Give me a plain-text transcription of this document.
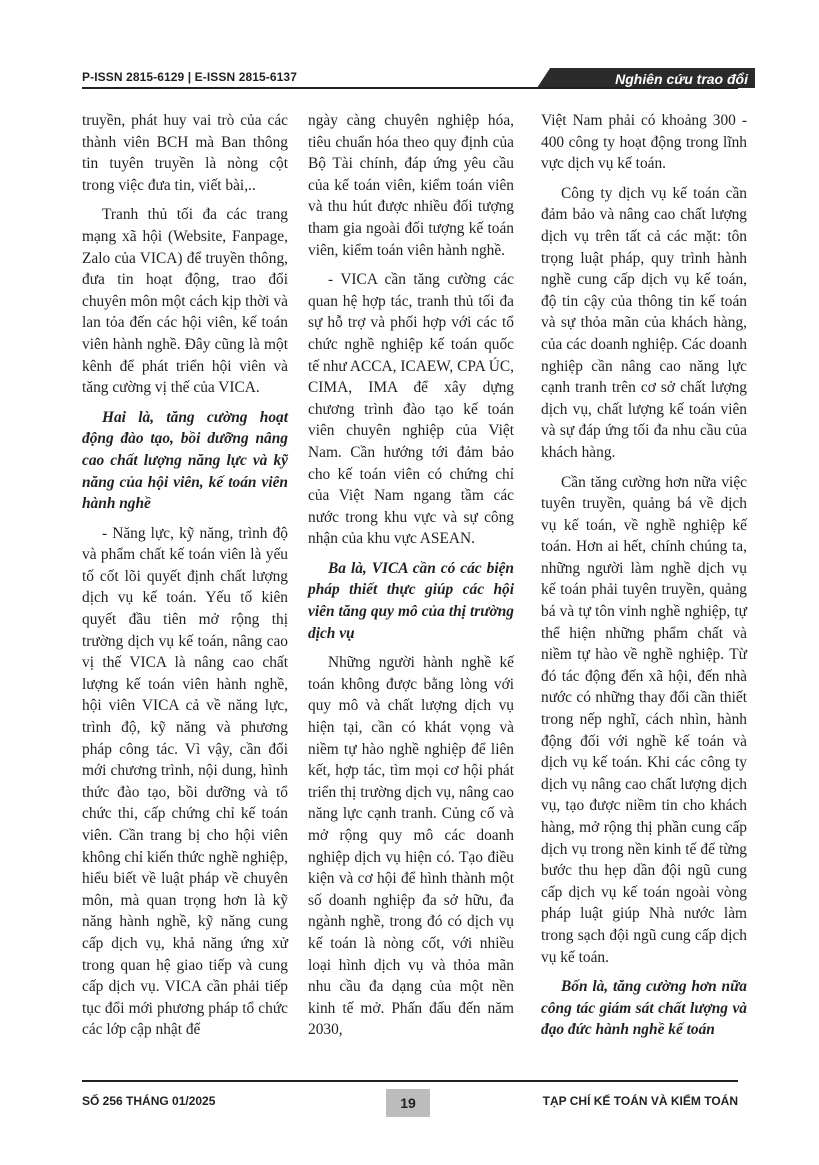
P-ISSN 2815-6129 | E-ISSN 2815-6137	Nghiên cứu trao đổi

truyền, phát huy vai trò của các thành viên BCH mà Ban thông tin tuyên truyền là nòng cột trong việc đưa tin, viết bài,..

Tranh thủ tối đa các trang mạng xã hội (Website, Fanpage, Zalo của VICA) để truyền thông, đưa tin hoạt động, trao đổi chuyên môn một cách kịp thời và lan tỏa đến các hội viên, kế toán viên hành nghề. Đây cũng là một kênh để phát triển hội viên và tăng cường vị thế của VICA.

Hai là, tăng cường hoạt động đào tạo, bồi dưỡng nâng cao chất lượng năng lực và kỹ năng của hội viên, kế toán viên hành nghề

- Năng lực, kỹ năng, trình độ và phẩm chất kế toán viên là yếu tố cốt lõi quyết định chất lượng dịch vụ kế toán. Yếu tố kiên quyết đầu tiên mở rộng thị trường dịch vụ kế toán, nâng cao vị thế VICA là nâng cao chất lượng kế toán viên hành nghề, hội viên VICA cả về năng lực, trình độ, kỹ năng và phương pháp công tác. Vì vậy, cần đổi mới chương trình, nội dung, hình thức đào tạo, bồi dưỡng và tổ chức thi, cấp chứng chỉ kế toán viên. Cần trang bị cho hội viên không chỉ kiến thức nghề nghiệp, hiểu biết về luật pháp về chuyên môn, mà quan trọng hơn là kỹ năng hành nghề, kỹ năng cung cấp dịch vụ, khả năng ứng xử trong quan hệ giao tiếp và cung cấp dịch vụ. VICA cần phải tiếp tục đổi mới phương pháp tổ chức các lớp cập nhật để

ngày càng chuyên nghiệp hóa, tiêu chuẩn hóa theo quy định của Bộ Tài chính, đáp ứng yêu cầu của kế toán viên, kiểm toán viên và thu hút được nhiều đối tượng tham gia ngoài đối tượng kế toán viên, kiểm toán viên hành nghề.

- VICA cần tăng cường các quan hệ hợp tác, tranh thủ tối đa sự hỗ trợ và phối hợp với các tổ chức nghề nghiệp kế toán quốc tế như ACCA, ICAEW, CPA ÚC, CIMA, IMA để xây dựng chương trình đào tạo kế toán viên chuyên nghiệp của Việt Nam. Cần hướng tới đảm bảo cho kế toán viên có chứng chỉ của Việt Nam ngang tầm các nước trong khu vực và sự công nhận của khu vực ASEAN.

Ba là, VICA cần có các biện pháp thiết thực giúp các hội viên tăng quy mô của thị trường dịch vụ

Những người hành nghề kế toán không được bằng lòng với quy mô và chất lượng dịch vụ hiện tại, cần có khát vọng và niềm tự hào nghề nghiệp để liên kết, hợp tác, tìm mọi cơ hội phát triển thị trường dịch vụ, nâng cao năng lực cạnh tranh. Củng cố và mở rộng quy mô các doanh nghiệp dịch vụ hiện có. Tạo điều kiện và cơ hội để hình thành một số doanh nghiệp đa sở hữu, đa ngành nghề, trong đó có dịch vụ kế toán là nòng cốt, với nhiều loại hình dịch vụ và thỏa mãn nhu cầu đa dạng của một nền kinh tế mở. Phấn đấu đến năm 2030,

Việt Nam phải có khoảng 300 - 400 công ty hoạt động trong lĩnh vực dịch vụ kế toán.

Công ty dịch vụ kế toán cần đảm bảo và nâng cao chất lượng dịch vụ trên tất cả các mặt: tôn trọng luật pháp, quy trình hành nghề cung cấp dịch vụ kế toán, độ tin cậy của thông tin kế toán và sự thỏa mãn của khách hàng, của các doanh nghiệp. Các doanh nghiệp cần nâng cao năng lực cạnh tranh trên cơ sở chất lượng dịch vụ, chất lượng kế toán viên và sự đáp ứng tối đa nhu cầu của khách hàng.

Cần tăng cường hơn nữa việc tuyên truyền, quảng bá về dịch vụ kế toán, về nghề nghiệp kế toán. Hơn ai hết, chính chúng ta, những người làm nghề dịch vụ kế toán phải tuyên truyền, quảng bá và tự tôn vinh nghề nghiệp, tự thể hiện những phẩm chất và niềm tự hào về nghề nghiệp. Từ đó tác động đến xã hội, đến nhà nước có những thay đổi cần thiết trong nếp nghĩ, cách nhìn, hành động đối với nghề kế toán và dịch vụ kế toán. Khi các công ty dịch vụ nâng cao chất lượng dịch vụ, tạo được niềm tin cho khách hàng, mở rộng thị phần cung cấp dịch vụ trong nền kinh tế để từng bước thu hẹp dần đội ngũ cung cấp dịch vụ kế toán ngoài vòng pháp luật giúp Nhà nước làm trong sạch đội ngũ cung cấp dịch vụ kế toán.

Bốn là, tăng cường hơn nữa công tác giám sát chất lượng và đạo đức hành nghề kế toán

SỐ 256 THÁNG 01/2025	19	TẠP CHÍ KẾ TOÁN VÀ KIỂM TOÁN
